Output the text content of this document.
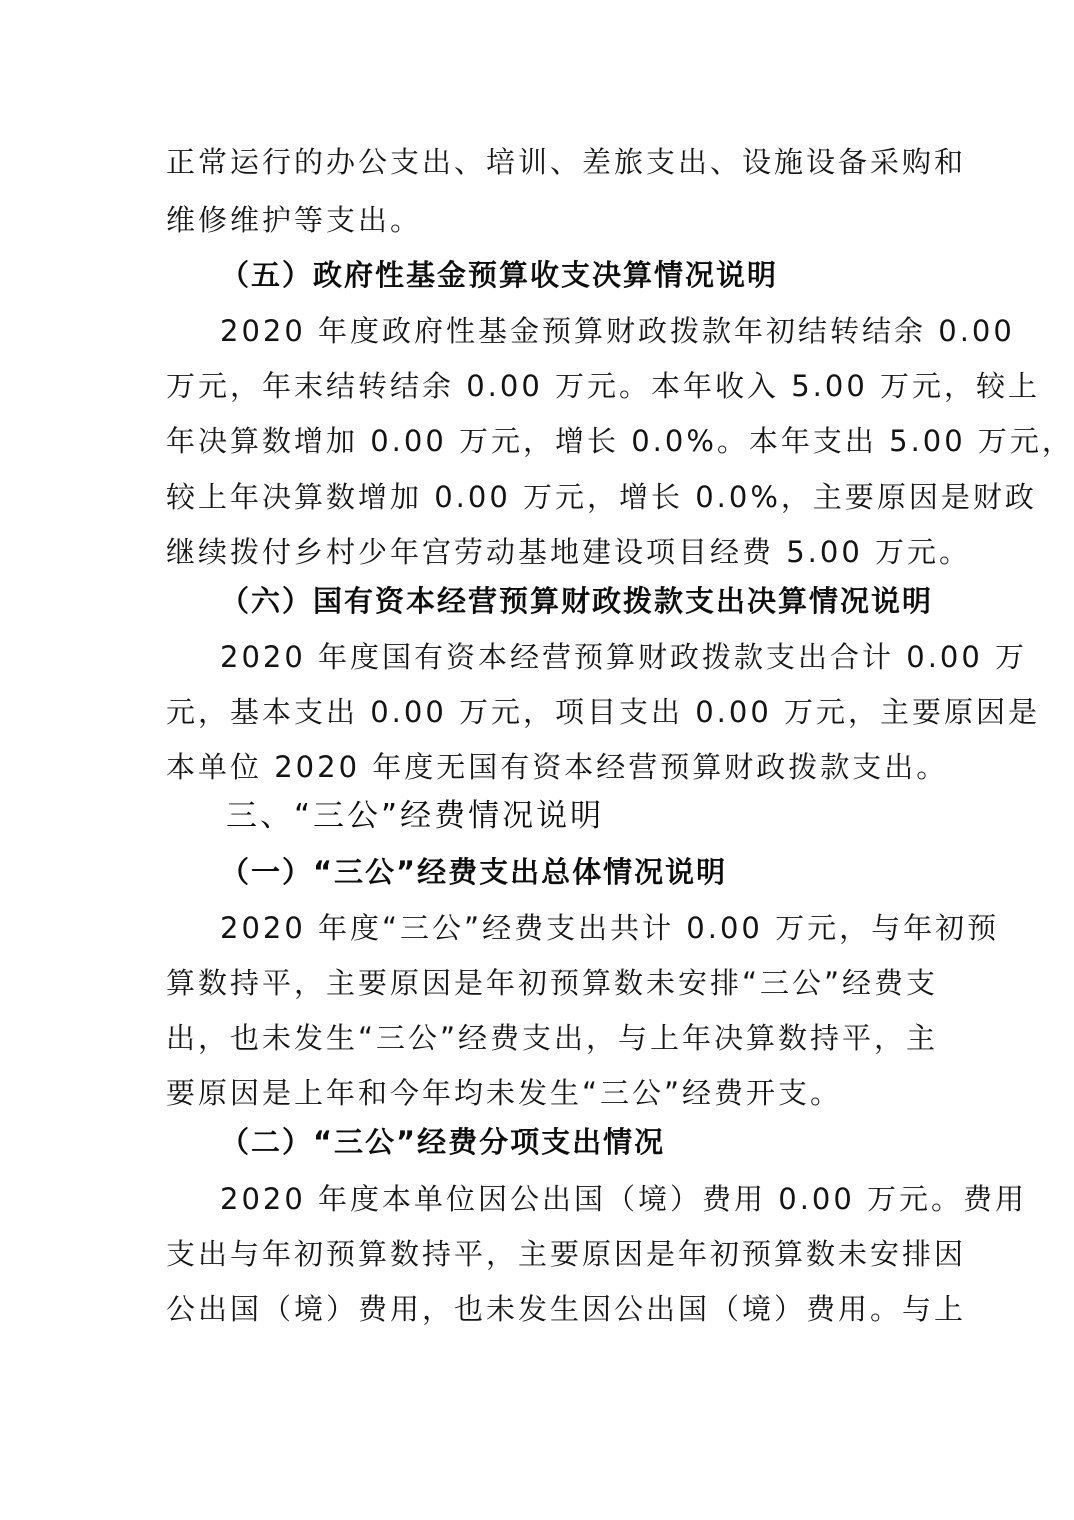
正常运行的办公支出、培训、差旅支出、设施设备采购和
维修维护等支出。
（五）政府性基金预算收支决算情况说明
2020 年度政府性基金预算财政拨款年初结转结余 0.00
万元，年末结转结余 0.00 万元。本年收入 5.00 万元，较上
年决算数增加 0.00 万元，增长 0.0%。本年支出 5.00 万元，
较上年决算数增加 0.00 万元，增长 0.0%，主要原因是财政
继续拨付乡村少年宫劳动基地建设项目经费 5.00 万元。
（六）国有资本经营预算财政拨款支出决算情况说明
2020 年度国有资本经营预算财政拨款支出合计 0.00 万
元，基本支出 0.00 万元，项目支出 0.00 万元，主要原因是
本单位 2020 年度无国有资本经营预算财政拨款支出。
三、“三公”经费情况说明
（一）“三公”经费支出总体情况说明
2020 年度“三公”经费支出共计 0.00 万元，与年初预
算数持平，主要原因是年初预算数未安排“三公”经费支
出，也未发生“三公”经费支出，与上年决算数持平，主
要原因是上年和今年均未发生“三公”经费开支。
（二）“三公”经费分项支出情况
2020 年度本单位因公出国（境）费用 0.00 万元。费用
支出与年初预算数持平，主要原因是年初预算数未安排因
公出国（境）费用，也未发生因公出国（境）费用。与上
